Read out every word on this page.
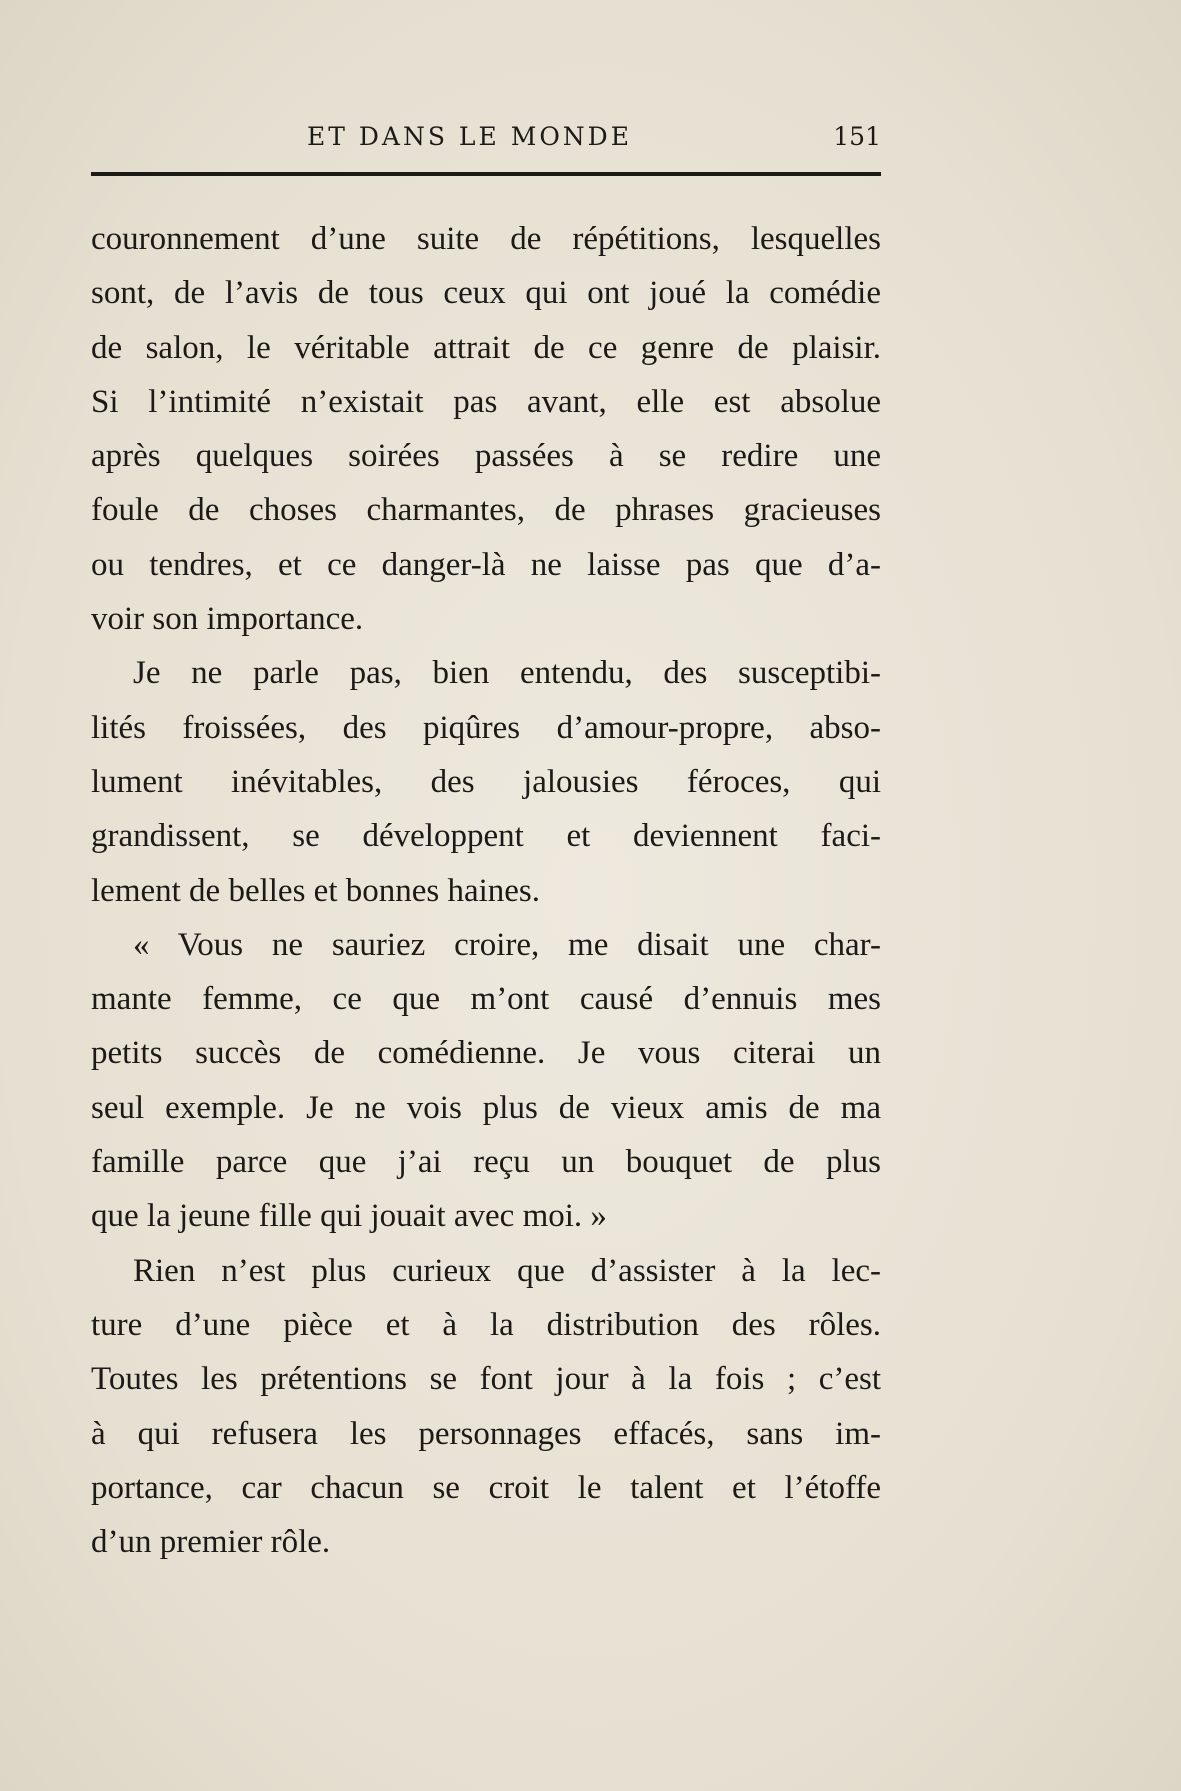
ET DANS LE MONDE	151
couronnement d’une suite de répétitions, lesquelles
sont, de l’avis de tous ceux qui ont joué la comédie
de salon, le véritable attrait de ce genre de plaisir.
Si l’intimité n’existait pas avant, elle est absolue
après quelques soirées passées à se redire une
foule de choses charmantes, de phrases gracieuses
ou tendres, et ce danger-là ne laisse pas que d’a-
voir son importance.
Je ne parle pas, bien entendu, des susceptibi-
lités froissées, des piqûres d’amour-propre, abso-
lument inévitables, des jalousies féroces, qui
grandissent, se développent et deviennent faci-
lement de belles et bonnes haines.
« Vous ne sauriez croire, me disait une char-
mante femme, ce que m’ont causé d’ennuis mes
petits succès de comédienne. Je vous citerai un
seul exemple. Je ne vois plus de vieux amis de ma
famille parce que j’ai reçu un bouquet de plus
que la jeune fille qui jouait avec moi. »
Rien n’est plus curieux que d’assister à la lec-
ture d’une pièce et à la distribution des rôles.
Toutes les prétentions se font jour à la fois ; c’est
à qui refusera les personnages effacés, sans im-
portance, car chacun se croit le talent et l’étoffe
d’un premier rôle.
